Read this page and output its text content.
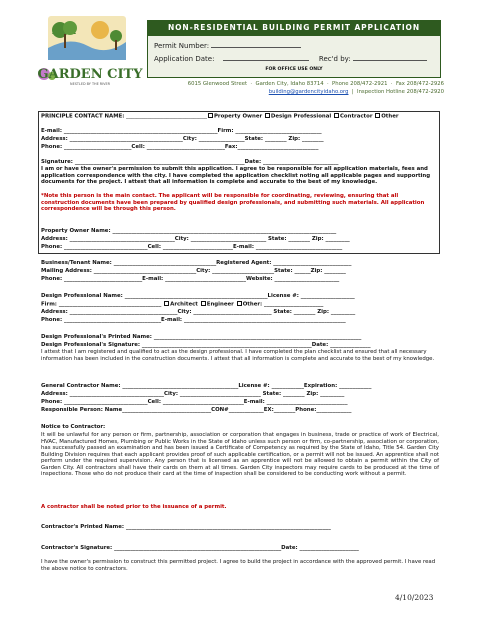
GARDEN CITY
NESTLED BY THE RIVER
NON-RESIDENTIAL BUILDING PERMIT APPLICATION
Permit Number:
Application Date:	Rec'd by:
FOR OFFICE USE ONLY
6015 Glenwood Street  ·  Garden City, Idaho 83714  ·  Phone 208/472-2921  ·  Fax 208/472-2926
building@gardencityidaho.org  |  Inspection Hotline 208/472-2920
PRINCIPLE CONTACT NAME: ______________________________ Property Owner Design Professional Contractor Other
E-mail: _________________________________________________________Firm: ________________________________
Address: __________________________________________City: _________________State: ________ Zip: ________
Phone: _________________________Cell: _____________________________Fax:______________________________
Signature: _______________________________________________________________Date: ____________________________
I am or have the owner's permission to submit this application. I agree to be responsible for all application materials, fees and application correspondence with the city. I have completed the application checklist noting all applicable pages and supporting documents for the project. I attest that all information is complete and accurate to the best of my knowledge.
*Note this person is the main contact. The applicant will be responsible for coordinating, reviewing, ensuring that all construction documents have been prepared by qualified design professionals, and submitting such materials. All application correspondence will be through this person.
Property Owner Name: ___________________________________________________________________________________
Address: _______________________________________City: ____________________________ State: ________ Zip: _________
Phone: _______________________________Cell: __________________________E-mail: ________________________________
Business/Tenant Name: ______________________________________Registered Agent: _____________________________
Mailing Address: ______________________________________City: _______________________State: ______Zip: ________
Phone: _____________________________E-mail: ______________________________Website: ________________________
Design Professional Name: _____________________________________________________License #: ____________________
Firm: ______________________________________ Architect Engineer Other: ______________________
Address: ________________________________________City: _____________________________ State: ________ Zip: _________
Phone: ____________________________________E-mail: ____________________________________________________________
Design Professional's Printed Name: _____________________________________________________________________________
Design Professional's Signature: _______________________________________________________________Date: _______________
I attest that I am registered and qualified to act as the design professional. I have completed the plan checklist and ensured that all necessary information has been included in the construction documents. I attest that all information is complete and accurate to the best of my knowledge.
General Contractor Name: ___________________________________________License #: ____________Expiration: ____________
Address: ___________________________________City: ______________________________ State: ________ Zip: _________
Phone: _______________________________Cell: ______________________________E-mail: ______________________________
Responsible Person: Name_________________________________CON#_____________EX:________Phone:_____________
Notice to Contractor:
It will be unlawful for any person or firm, partnership, association or corporation that engages in business, trade or practice of work of Electrical, HVAC, Manufactured Homes, Plumbing or Public Works in the State of Idaho unless such person or firm, co-partnership, association or corporation, has successfully passed an examination and has been issued a Certificate of Competency as required by the State of Idaho, Title 54. Garden City Building Division requires that each applicant provides proof of such applicable certification, or a permit will not be issued. An apprentice shall not perform under the required supervision. Any person that is licensed as an apprentice will not be allowed to obtain a permit within the City of Garden City. All contractors shall have their cards on them at all times. Garden City inspectors may require cards to be produced at the time of inspections. Those who do not produce their card at the time of inspection shall be considered to be conducting work without a permit.
A contractor shall be noted prior to the issuance of a permit.
Contractor's Printed Name: ____________________________________________________________________________
Contractor's Signature: ______________________________________________________________Date: ______________________
I have the owner's permission to construct this permitted project. I agree to build the project in accordance with the approved permit. I have read the above notice to contractors.
4/10/2023
